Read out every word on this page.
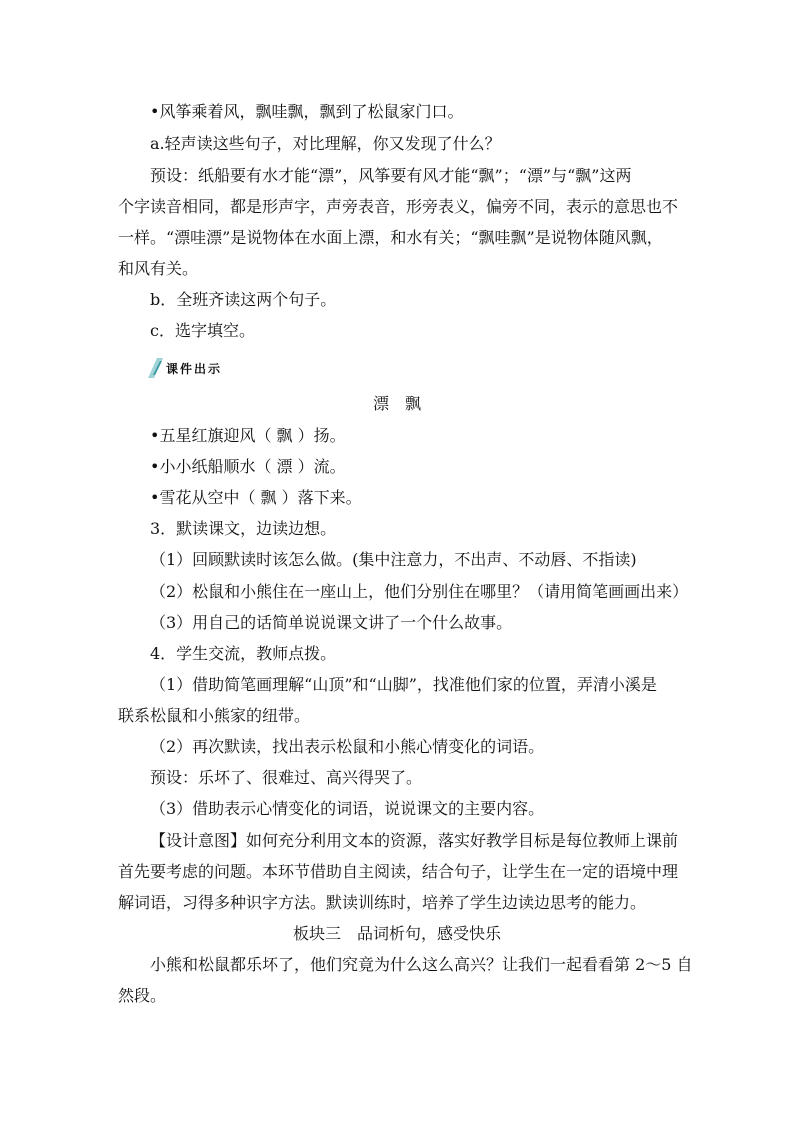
•风筝乘着风，飘哇飘，飘到了松鼠家门口。
a.轻声读这些句子，对比理解，你又发现了什么？
预设：纸船要有水才能“漂”，风筝要有风才能“飘”；“漂”与“飘”这两
个字读音相同，都是形声字，声旁表音，形旁表义，偏旁不同，表示的意思也不
一样。“漂哇漂”是说物体在水面上漂，和水有关；“飘哇飘”是说物体随风飘，
和风有关。
b．全班齐读这两个句子。
c．选字填空。
课件出示
漂　飘
•五星红旗迎风（ 飘 ）扬。
•小小纸船顺水（ 漂 ）流。
•雪花从空中（ 飘 ）落下来。
3．默读课文，边读边想。
（1）回顾默读时该怎么做。(集中注意力，不出声、不动唇、不指读)
（2）松鼠和小熊住在一座山上，他们分别住在哪里？（请用简笔画画出来）
（3）用自己的话简单说说课文讲了一个什么故事。
4．学生交流，教师点拨。
（1）借助简笔画理解“山顶”和“山脚”，找准他们家的位置，弄清小溪是
联系松鼠和小熊家的纽带。
（2）再次默读，找出表示松鼠和小熊心情变化的词语。
预设：乐坏了、很难过、高兴得哭了。
（3）借助表示心情变化的词语，说说课文的主要内容。
【设计意图】如何充分利用文本的资源，落实好教学目标是每位教师上课前
首先要考虑的问题。本环节借助自主阅读，结合句子，让学生在一定的语境中理
解词语，习得多种识字方法。默读训练时，培养了学生边读边思考的能力。
板块三　品词析句，感受快乐
小熊和松鼠都乐坏了，他们究竟为什么这么高兴？让我们一起看看第 2～5 自
然段。
